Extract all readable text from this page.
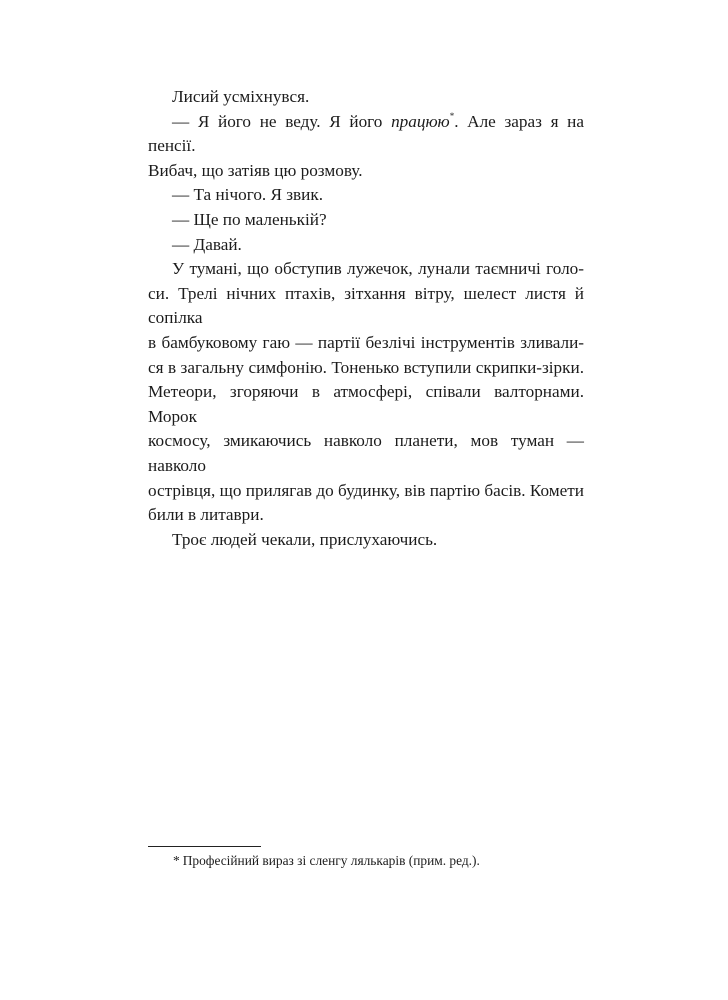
Лисий усміхнувся.

— Я його не веду. Я його працюю*. Але зараз я на пенсії.
Вибач, що затіяв цю розмову.

— Та нічого. Я звик.

— Ще по маленькій?

— Давай.

У тумані, що обступив лужечок, лунали таємничі голо-
си. Трелі нічних птахів, зітхання вітру, шелест листя й сопілка
в бамбуковому гаю — партії безлічі інструментів зливали-
ся в загальну симфонію. Тоненько вступили скрипки-зірки.
Метеори, згоряючи в атмосфері, співали валторнами. Морок
космосу, змикаючись навколо планети, мов туман — навколо
острівця, що прилягав до будинку, вів партію басів. Комети
били в литаври.

Троє людей чекали, прислухаючись.

* Професійний вираз зі сленгу лялькарів (прим. ред.).
